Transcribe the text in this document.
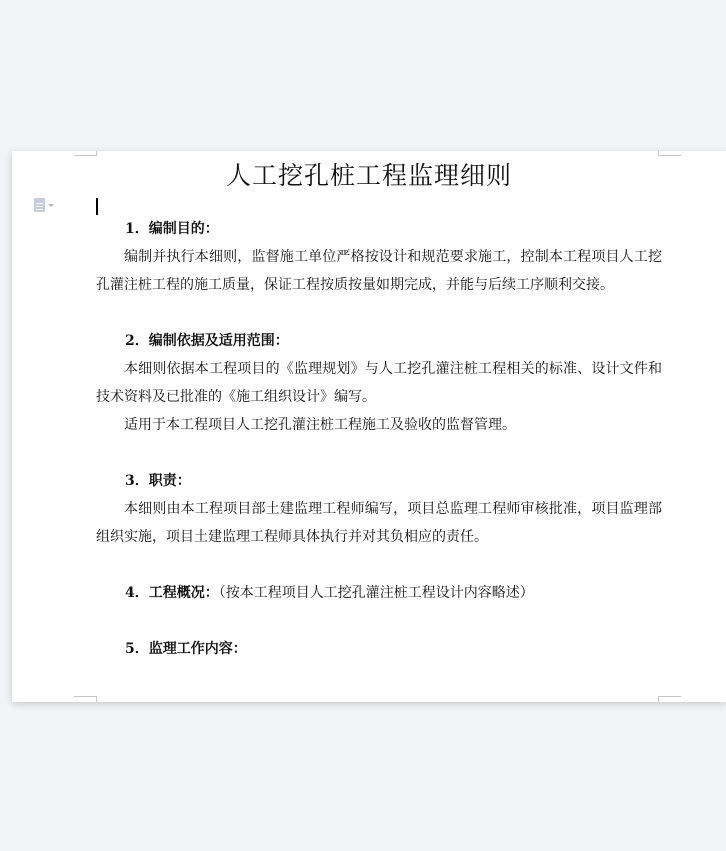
人工挖孔桩工程监理细则

1．编制目的：

编制并执行本细则，监督施工单位严格按设计和规范要求施工，控制本工程项目人工挖孔灌注桩工程的施工质量，保证工程按质按量如期完成，并能与后续工序顺利交接。

2．编制依据及适用范围：

本细则依据本工程项目的《监理规划》与人工挖孔灌注桩工程相关的标准、设计文件和技术资料及已批准的《施工组织设计》编写。

适用于本工程项目人工挖孔灌注桩工程施工及验收的监督管理。

3．职责：

本细则由本工程项目部土建监理工程师编写，项目总监理工程师审核批准，项目监理部组织实施，项目土建监理工程师具体执行并对其负相应的责任。

4．工程概况：（按本工程项目人工挖孔灌注桩工程设计内容略述）

5．监理工作内容：
